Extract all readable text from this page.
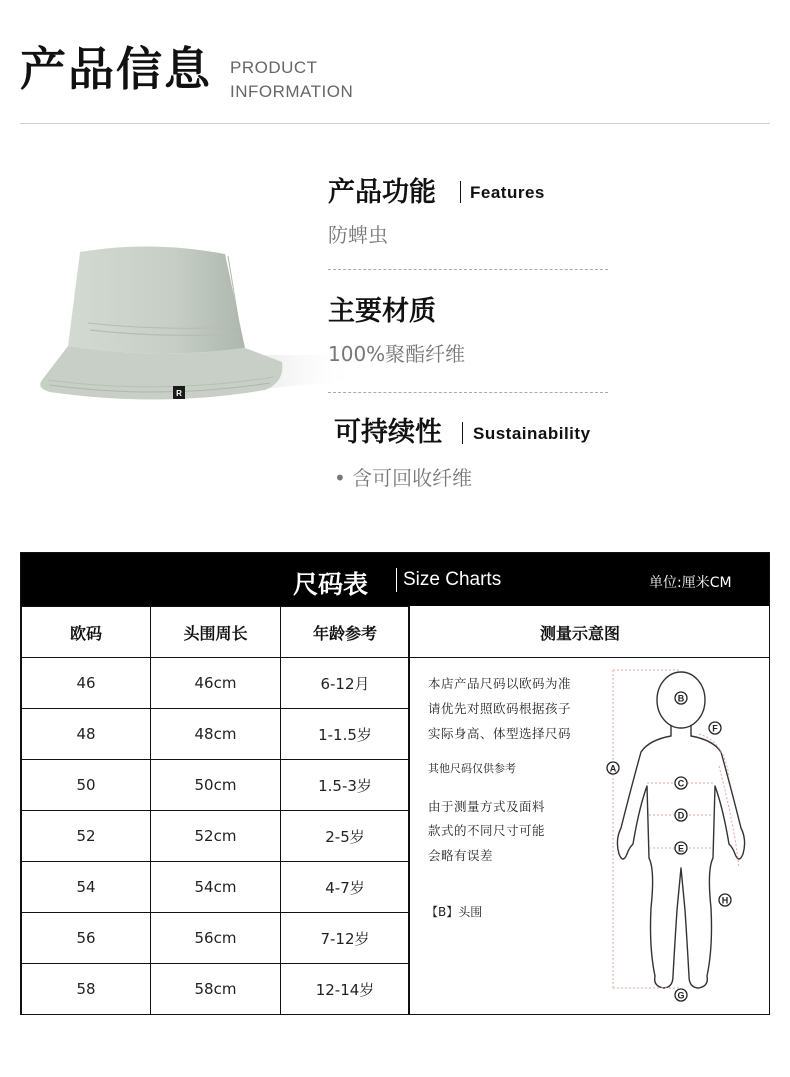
产品信息 PRODUCT
INFORMATION
R
产品功能 Features
防蜱虫
主要材质
100%聚酯纤维
可持续性 Sustainability
• 含可回收纤维
尺码表 Size Charts	单位:厘米CM
欧码	头围周长	年龄参考
46	46cm	6-12月
48	48cm	1-1.5岁
50	50cm	1.5-3岁
52	52cm	2-5岁
54	54cm	4-7岁
56	56cm	7-12岁
58	58cm	12-14岁
测量示意图
本店产品尺码以欧码为准
请优先对照欧码根据孩子
实际身高、体型选择尺码
其他尺码仅供参考
由于测量方式及面料
款式的不同尺寸可能
会略有误差
【B】头围
A
B
C
D
E
F
G
H
